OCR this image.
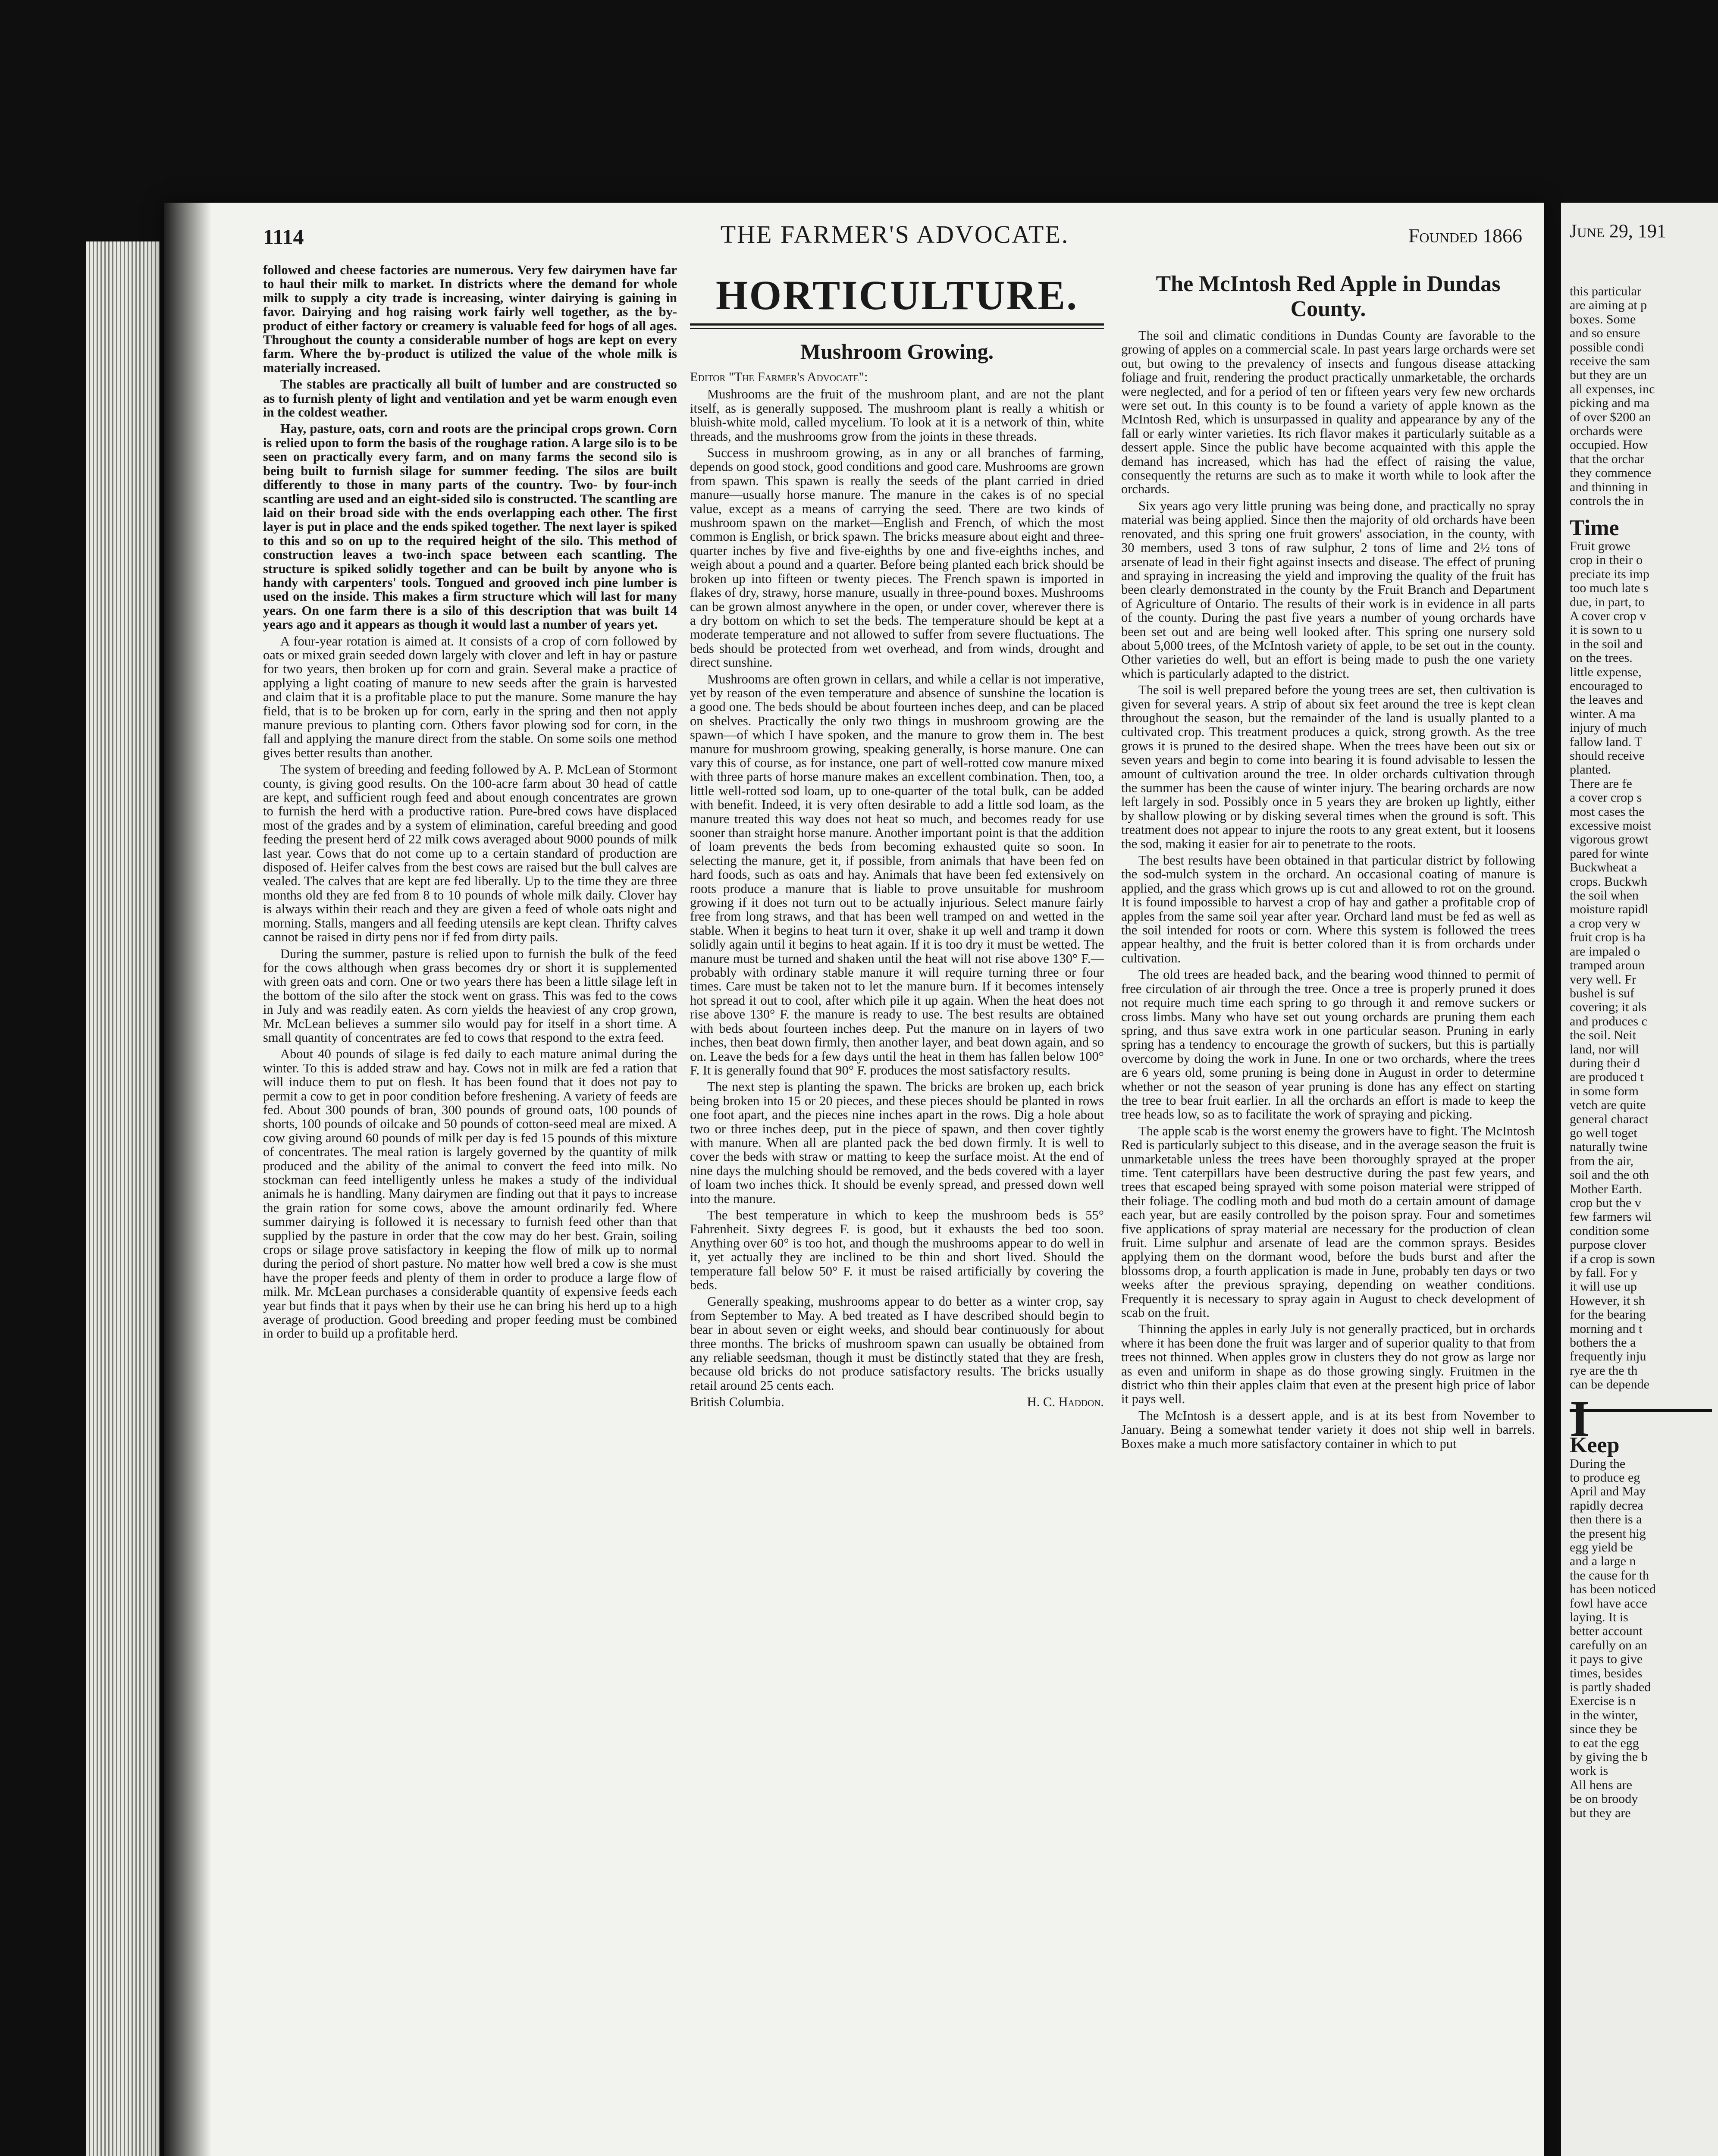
1114	THE FARMER'S ADVOCATE.	Founded 1866

followed and cheese factories are numerous. Very few dairymen have far to haul their milk to market. In districts where the demand for whole milk to supply a city trade is increasing, winter dairying is gaining in favor. Dairying and hog raising work fairly well together, as the by-product of either factory or creamery is valuable feed for hogs of all ages. Throughout the county a considerable number of hogs are kept on every farm. Where the by-product is utilized the value of the whole milk is materially increased.

The stables are practically all built of lumber and are constructed so as to furnish plenty of light and ventilation and yet be warm enough even in the coldest weather.

Hay, pasture, oats, corn and roots are the principal crops grown. Corn is relied upon to form the basis of the roughage ration. A large silo is to be seen on practically every farm, and on many farms the second silo is being built to furnish silage for summer feeding. The silos are built differently to those in many parts of the country. Two- by four-inch scantling are used and an eight-sided silo is constructed. The scantling are laid on their broad side with the ends overlapping each other. The first layer is put in place and the ends spiked together. The next layer is spiked to this and so on up to the required height of the silo. This method of construction leaves a two-inch space between each scantling. The structure is spiked solidly together and can be built by anyone who is handy with carpenters' tools. Tongued and grooved inch pine lumber is used on the inside. This makes a firm structure which will last for many years. On one farm there is a silo of this description that was built 14 years ago and it appears as though it would last a number of years yet.

A four-year rotation is aimed at. It consists of a crop of corn followed by oats or mixed grain seeded down largely with clover and left in hay or pasture for two years, then broken up for corn and grain. Several make a practice of applying a light coating of manure to new seeds after the grain is harvested and claim that it is a profitable place to put the manure. Some manure the hay field, that is to be broken up for corn, early in the spring and then not apply manure previous to planting corn. Others favor plowing sod for corn, in the fall and applying the manure direct from the stable. On some soils one method gives better results than another.

The system of breeding and feeding followed by A. P. McLean of Stormont county, is giving good results. On the 100-acre farm about 30 head of cattle are kept, and sufficient rough feed and about enough concentrates are grown to furnish the herd with a productive ration. Pure-bred cows have displaced most of the grades and by a system of elimination, careful breeding and good feeding the present herd of 22 milk cows averaged about 9000 pounds of milk last year. Cows that do not come up to a certain standard of production are disposed of. Heifer calves from the best cows are raised but the bull calves are vealed. The calves that are kept are fed liberally. Up to the time they are three months old they are fed from 8 to 10 pounds of whole milk daily. Clover hay is always within their reach and they are given a feed of whole oats night and morning. Stalls, mangers and all feeding utensils are kept clean. Thrifty calves cannot be raised in dirty pens nor if fed from dirty pails.

During the summer, pasture is relied upon to furnish the bulk of the feed for the cows although when grass becomes dry or short it is supplemented with green oats and corn. One or two years there has been a little silage left in the bottom of the silo after the stock went on grass. This was fed to the cows in July and was readily eaten. As corn yields the heaviest of any crop grown, Mr. McLean believes a summer silo would pay for itself in a short time. A small quantity of concentrates are fed to cows that respond to the extra feed.

About 40 pounds of silage is fed daily to each mature animal during the winter. To this is added straw and hay. Cows not in milk are fed a ration that will induce them to put on flesh. It has been found that it does not pay to permit a cow to get in poor condition before freshening. A variety of feeds are fed. About 300 pounds of bran, 300 pounds of ground oats, 100 pounds of shorts, 100 pounds of oilcake and 50 pounds of cotton-seed meal are mixed. A cow giving around 60 pounds of milk per day is fed 15 pounds of this mixture of concentrates. The meal ration is largely governed by the quantity of milk produced and the ability of the animal to convert the feed into milk. No stockman can feed intelligently unless he makes a study of the individual animals he is handling. Many dairymen are finding out that it pays to increase the grain ration for some cows, above the amount ordinarily fed. Where summer dairying is followed it is necessary to furnish feed other than that supplied by the pasture in order that the cow may do her best. Grain, soiling crops or silage prove satisfactory in keeping the flow of milk up to normal during the period of short pasture. No matter how well bred a cow is she must have the proper feeds and plenty of them in order to produce a large flow of milk. Mr. McLean purchases a considerable quantity of expensive feeds each year but finds that it pays when by their use he can bring his herd up to a high average of production. Good breeding and proper feeding must be combined in order to build up a profitable herd.

HORTICULTURE.
Mushroom Growing.

Editor "The Farmer's Advocate":

Mushrooms are the fruit of the mushroom plant, and are not the plant itself, as is generally supposed. The mushroom plant is really a whitish or bluish-white mold, called mycelium. To look at it is a network of thin, white threads, and the mushrooms grow from the joints in these threads.

Success in mushroom growing, as in any or all branches of farming, depends on good stock, good conditions and good care. Mushrooms are grown from spawn. This spawn is really the seeds of the plant carried in dried manure—usually horse manure. The manure in the cakes is of no special value, except as a means of carrying the seed. There are two kinds of mushroom spawn on the market—English and French, of which the most common is English, or brick spawn. The bricks measure about eight and three-quarter inches by five and five-eighths by one and five-eighths inches, and weigh about a pound and a quarter. Before being planted each brick should be broken up into fifteen or twenty pieces. The French spawn is imported in flakes of dry, strawy, horse manure, usually in three-pound boxes. Mushrooms can be grown almost anywhere in the open, or under cover, wherever there is a dry bottom on which to set the beds. The temperature should be kept at a moderate temperature and not allowed to suffer from severe fluctuations. The beds should be protected from wet overhead, and from winds, drought and direct sunshine.

Mushrooms are often grown in cellars, and while a cellar is not imperative, yet by reason of the even temperature and absence of sunshine the location is a good one. The beds should be about fourteen inches deep, and can be placed on shelves. Practically the only two things in mushroom growing are the spawn—of which I have spoken, and the manure to grow them in. The best manure for mushroom growing, speaking generally, is horse manure. One can vary this of course, as for instance, one part of well-rotted cow manure mixed with three parts of horse manure makes an excellent combination. Then, too, a little well-rotted sod loam, up to one-quarter of the total bulk, can be added with benefit. Indeed, it is very often desirable to add a little sod loam, as the manure treated this way does not heat so much, and becomes ready for use sooner than straight horse manure. Another important point is that the addition of loam prevents the beds from becoming exhausted quite so soon. In selecting the manure, get it, if possible, from animals that have been fed on hard foods, such as oats and hay. Animals that have been fed extensively on roots produce a manure that is liable to prove unsuitable for mushroom growing if it does not turn out to be actually injurious. Select manure fairly free from long straws, and that has been well tramped on and wetted in the stable. When it begins to heat turn it over, shake it up well and tramp it down solidly again until it begins to heat again. If it is too dry it must be wetted. The manure must be turned and shaken until the heat will not rise above 130° F.—probably with ordinary stable manure it will require turning three or four times. Care must be taken not to let the manure burn. If it becomes intensely hot spread it out to cool, after which pile it up again. When the heat does not rise above 130° F. the manure is ready to use. The best results are obtained with beds about fourteen inches deep. Put the manure on in layers of two inches, then beat down firmly, then another layer, and beat down again, and so on. Leave the beds for a few days until the heat in them has fallen below 100° F. It is generally found that 90° F. produces the most satisfactory results.

The next step is planting the spawn. The bricks are broken up, each brick being broken into 15 or 20 pieces, and these pieces should be planted in rows one foot apart, and the pieces nine inches apart in the rows. Dig a hole about two or three inches deep, put in the piece of spawn, and then cover tightly with manure. When all are planted pack the bed down firmly. It is well to cover the beds with straw or matting to keep the surface moist. At the end of nine days the mulching should be removed, and the beds covered with a layer of loam two inches thick. It should be evenly spread, and pressed down well into the manure.

The best temperature in which to keep the mushroom beds is 55° Fahrenheit. Sixty degrees F. is good, but it exhausts the bed too soon. Anything over 60° is too hot, and though the mushrooms appear to do well in it, yet actually they are inclined to be thin and short lived. Should the temperature fall below 50° F. it must be raised artificially by covering the beds.

Generally speaking, mushrooms appear to do better as a winter crop, say from September to May. A bed treated as I have described should begin to bear in about seven or eight weeks, and should bear continuously for about three months. The bricks of mushroom spawn can usually be obtained from any reliable seedsman, though it must be distinctly stated that they are fresh, because old bricks do not produce satisfactory results. The bricks usually retail around 25 cents each.

British Columbia.	H. C. Haddon.
The McIntosh Red Apple in Dundas County.

The soil and climatic conditions in Dundas County are favorable to the growing of apples on a commercial scale. In past years large orchards were set out, but owing to the prevalency of insects and fungous disease attacking foliage and fruit, rendering the product practically unmarketable, the orchards were neglected, and for a period of ten or fifteen years very few new orchards were set out. In this county is to be found a variety of apple known as the McIntosh Red, which is unsurpassed in quality and appearance by any of the fall or early winter varieties. Its rich flavor makes it particularly suitable as a dessert apple. Since the public have become acquainted with this apple the demand has increased, which has had the effect of raising the value, consequently the returns are such as to make it worth while to look after the orchards.

Six years ago very little pruning was being done, and practically no spray material was being applied. Since then the majority of old orchards have been renovated, and this spring one fruit growers' association, in the county, with 30 members, used 3 tons of raw sulphur, 2 tons of lime and 2½ tons of arsenate of lead in their fight against insects and disease. The effect of pruning and spraying in increasing the yield and improving the quality of the fruit has been clearly demonstrated in the county by the Fruit Branch and Department of Agriculture of Ontario. The results of their work is in evidence in all parts of the county. During the past five years a number of young orchards have been set out and are being well looked after. This spring one nursery sold about 5,000 trees, of the McIntosh variety of apple, to be set out in the county. Other varieties do well, but an effort is being made to push the one variety which is particularly adapted to the district.

The soil is well prepared before the young trees are set, then cultivation is given for several years. A strip of about six feet around the tree is kept clean throughout the season, but the remainder of the land is usually planted to a cultivated crop. This treatment produces a quick, strong growth. As the tree grows it is pruned to the desired shape. When the trees have been out six or seven years and begin to come into bearing it is found advisable to lessen the amount of cultivation around the tree. In older orchards cultivation through the summer has been the cause of winter injury. The bearing orchards are now left largely in sod. Possibly once in 5 years they are broken up lightly, either by shallow plowing or by disking several times when the ground is soft. This treatment does not appear to injure the roots to any great extent, but it loosens the sod, making it easier for air to penetrate to the roots.

The best results have been obtained in that particular district by following the sod-mulch system in the orchard. An occasional coating of manure is applied, and the grass which grows up is cut and allowed to rot on the ground. It is found impossible to harvest a crop of hay and gather a profitable crop of apples from the same soil year after year. Orchard land must be fed as well as the soil intended for roots or corn. Where this system is followed the trees appear healthy, and the fruit is better colored than it is from orchards under cultivation.

The old trees are headed back, and the bearing wood thinned to permit of free circulation of air through the tree. Once a tree is properly pruned it does not require much time each spring to go through it and remove suckers or cross limbs. Many who have set out young orchards are pruning them each spring, and thus save extra work in one particular season. Pruning in early spring has a tendency to encourage the growth of suckers, but this is partially overcome by doing the work in June. In one or two orchards, where the trees are 6 years old, some pruning is being done in August in order to determine whether or not the season of year pruning is done has any effect on starting the tree to bear fruit earlier. In all the orchards an effort is made to keep the tree heads low, so as to facilitate the work of spraying and picking.

The apple scab is the worst enemy the growers have to fight. The McIntosh Red is particularly subject to this disease, and in the average season the fruit is unmarketable unless the trees have been thoroughly sprayed at the proper time. Tent caterpillars have been destructive during the past few years, and trees that escaped being sprayed with some poison material were stripped of their foliage. The codling moth and bud moth do a certain amount of damage each year, but are easily controlled by the poison spray. Four and sometimes five applications of spray material are necessary for the production of clean fruit. Lime sulphur and arsenate of lead are the common sprays. Besides applying them on the dormant wood, before the buds burst and after the blossoms drop, a fourth application is made in June, probably ten days or two weeks after the previous spraying, depending on weather conditions. Frequently it is necessary to spray again in August to check development of scab on the fruit.

Thinning the apples in early July is not generally practiced, but in orchards where it has been done the fruit was larger and of superior quality to that from trees not thinned. When apples grow in clusters they do not grow as large nor as even and uniform in shape as do those growing singly. Fruitmen in the district who thin their apples claim that even at the present high price of labor it pays well.

The McIntosh is a dessert apple, and is at its best from November to January. Being a somewhat tender variety it does not ship well in barrels. Boxes make a much more satisfactory container in which to put

June 29, 191
this particular
are aiming at p
boxes. Some
and so ensure
possible condi
receive the sam
but they are un
all expenses, inc
picking and ma
of over $200 an
orchards were
occupied. How
that the orchar
they commence
and thinning in
controls the in
Time
Fruit growe
crop in their o
preciate its imp
too much late s
due, in part, to
A cover crop v
it is sown to u
in the soil and
on the trees.
little expense,
encouraged to
the leaves and
winter. A ma
injury of much
fallow land. T
should receive
planted.
There are fe
a cover crop s
most cases the
excessive moist
vigorous growt
pared for winte
Buckwheat a
crops. Buckwh
the soil when
moisture rapidl
a crop very w
fruit crop is ha
are impaled o
tramped aroun
very well. Fr
bushel is suf
covering; it als
and produces c
the soil. Neit
land, nor will
during their d
are produced t
in some form
vetch are quite
general charact
go well toget
naturally twine
from the air,
soil and the oth
Mother Earth.
crop but the v
few farmers wil
condition some
purpose clover
if a crop is sown
by fall. For y
it will use up
However, it sh
for the bearing
morning and t
bothers the a
frequently inju
rye are the th
can be depende
I
Keep
During the
to produce eg
April and May
rapidly decrea
then there is a
the present hig
egg yield be
and a large n
the cause for th
has been noticed
fowl have acce
laying. It is
better account
carefully on an
it pays to give
times, besides
is partly shaded
Exercise is n
in the winter,
since they be
to eat the egg
by giving the b
work is
All hens are
be on broody
but they are
